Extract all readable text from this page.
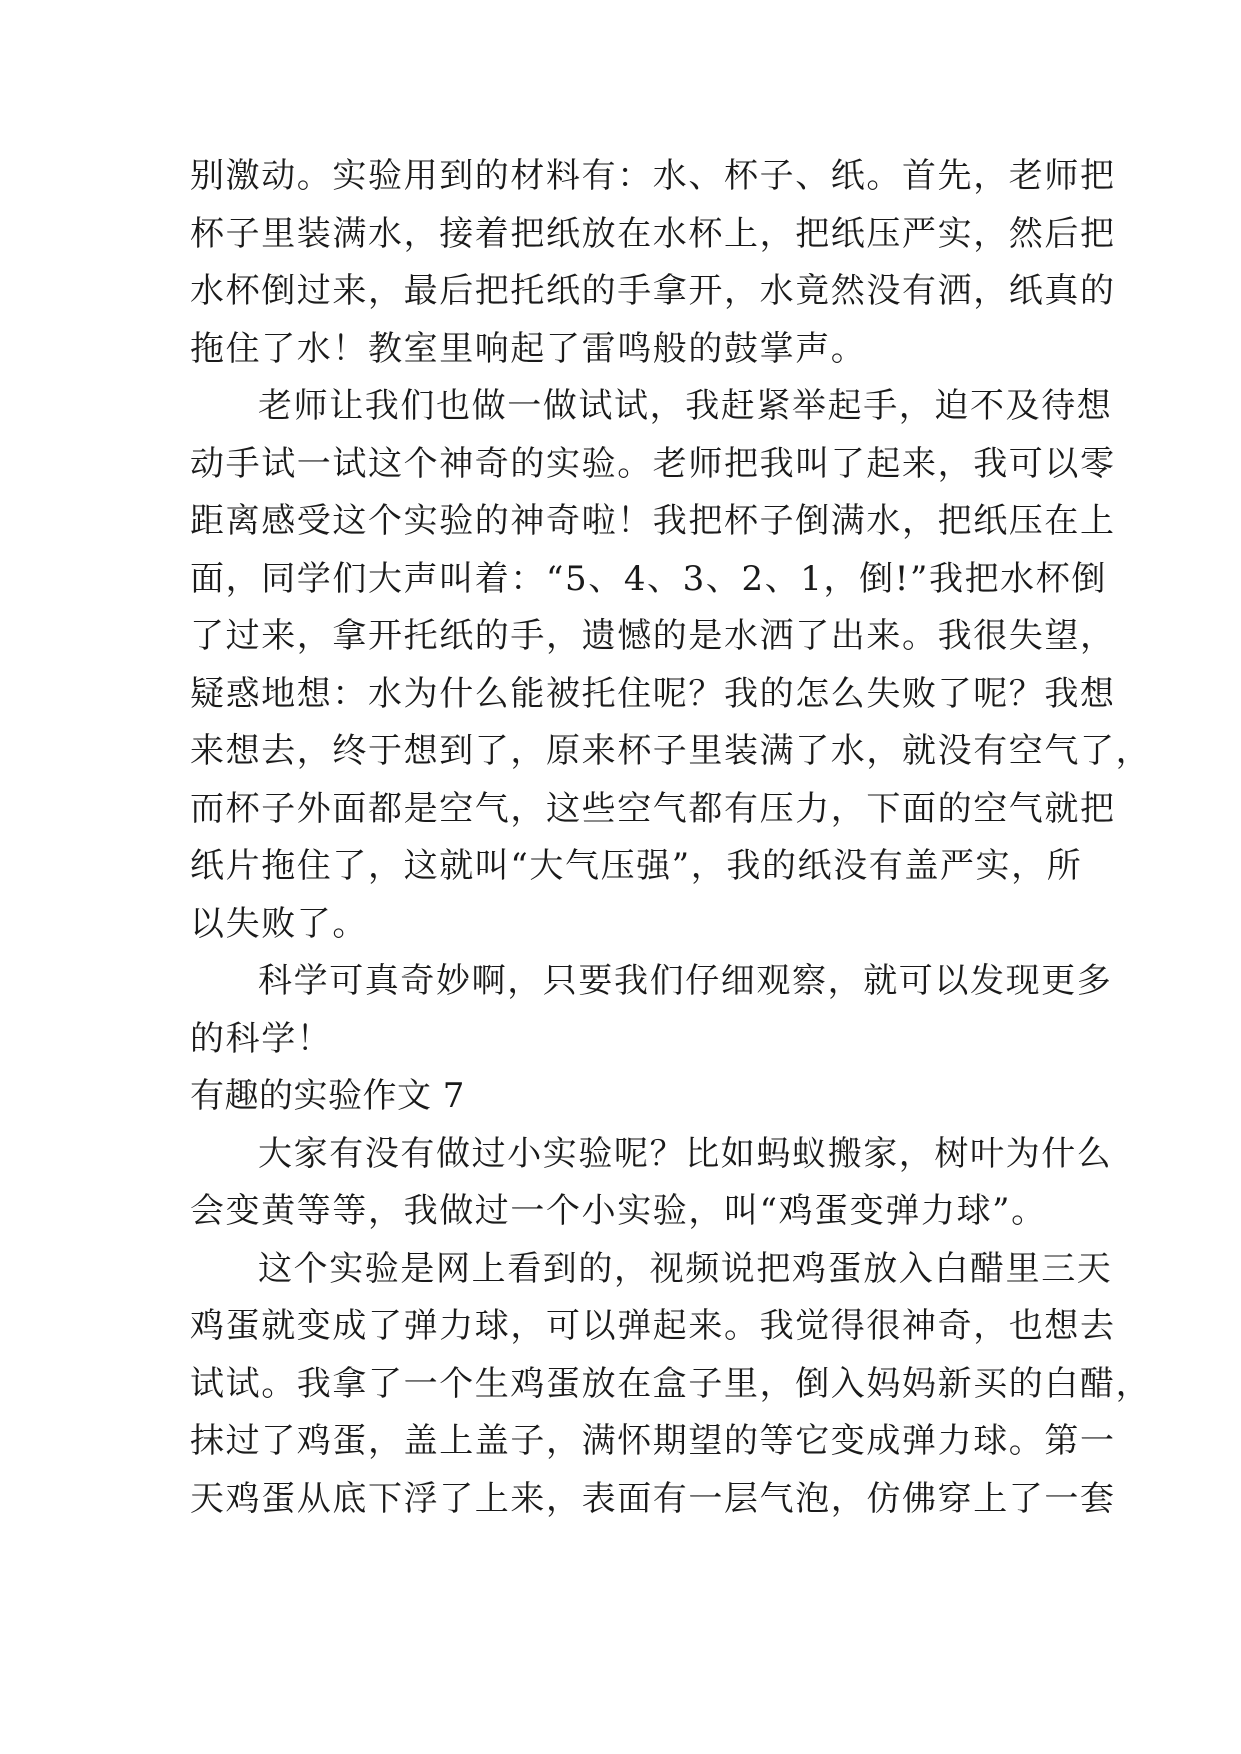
别激动。实验用到的材料有：水、杯子、纸。首先，老师把
杯子里装满水，接着把纸放在水杯上，把纸压严实，然后把
水杯倒过来，最后把托纸的手拿开，水竟然没有洒，纸真的
拖住了水！教室里响起了雷鸣般的鼓掌声。
老师让我们也做一做试试，我赶紧举起手，迫不及待想
动手试一试这个神奇的实验。老师把我叫了起来，我可以零
距离感受这个实验的神奇啦！我把杯子倒满水，把纸压在上
面，同学们大声叫着：“5、4、3、2、1，倒!”我把水杯倒
了过来，拿开托纸的手，遗憾的是水洒了出来。我很失望，
疑惑地想：水为什么能被托住呢？我的怎么失败了呢？我想
来想去，终于想到了，原来杯子里装满了水，就没有空气了，
而杯子外面都是空气，这些空气都有压力，下面的空气就把
纸片拖住了，这就叫“大气压强”，我的纸没有盖严实，所
以失败了。
科学可真奇妙啊，只要我们仔细观察，就可以发现更多
的科学！
有趣的实验作文 7
大家有没有做过小实验呢？比如蚂蚁搬家，树叶为什么
会变黄等等，我做过一个小实验，叫“鸡蛋变弹力球”。
这个实验是网上看到的，视频说把鸡蛋放入白醋里三天
鸡蛋就变成了弹力球，可以弹起来。我觉得很神奇，也想去
试试。我拿了一个生鸡蛋放在盒子里，倒入妈妈新买的白醋，
抹过了鸡蛋，盖上盖子，满怀期望的等它变成弹力球。第一
天鸡蛋从底下浮了上来，表面有一层气泡，仿佛穿上了一套
